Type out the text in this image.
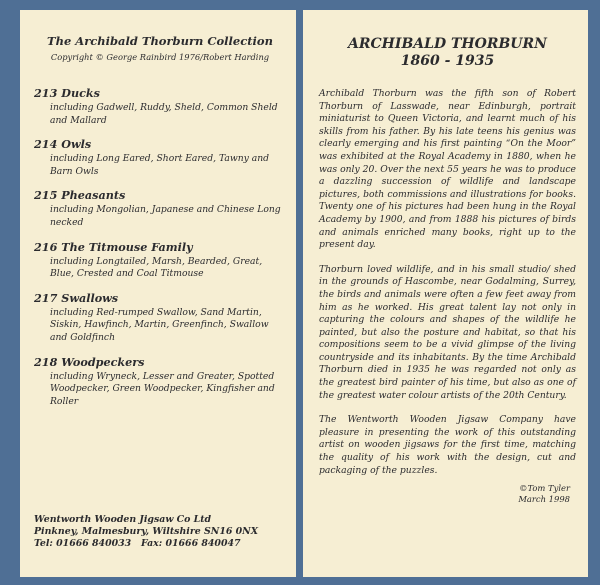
The Archibald Thorburn Collection

Copyright © George Rainbird 1976/Robert Harding

213 Ducks

including Gadwell, Ruddy, Sheld, Common Sheld and Mallard

214 Owls

including Long Eared, Short Eared, Tawny and Barn Owls

215 Pheasants

including Mongolian, Japanese and Chinese Long necked

216 The Titmouse Family

including Longtailed, Marsh, Bearded, Great, Blue, Crested and Coal Titmouse

217 Swallows

including Red-rumped Swallow, Sand Martin, Siskin, Hawfinch, Martin, Greenfinch, Swallow and Goldfinch

218 Woodpeckers

including Wryneck, Lesser and Greater, Spotted Woodpecker, Green Woodpecker, Kingfisher and Roller

Wentworth Wooden Jigsaw Co Ltd

Pinkney, Malmesbury, Wiltshire SN16 0NX

Tel: 01666 840033   Fax: 01666 840047

ARCHIBALD THORBURN

1860 - 1935

Archibald Thorburn was the fifth son of Robert Thorburn of Lasswade, near Edinburgh, portrait miniaturist to Queen Victoria, and learnt much of his skills from his father. By his late teens his genius was clearly emerging and his first painting “On the Moor” was exhibited at the Royal Academy in 1880, when he was only 20. Over the next 55 years he was to produce a dazzling succession of wildlife and landscape pictures, both commissions and illustrations for books. Twenty one of his pictures had been hung in the Royal Academy by 1900, and from 1888 his pictures of birds and animals enriched many books, right up to the present day.

Thorburn loved wildlife, and in his small studio/ shed in the grounds of Hascombe, near Godalming, Surrey, the birds and animals were often a few feet away from him as he worked. His great talent lay not only in capturing the colours and shapes of the wildlife he painted, but also the posture and habitat, so that his compositions seem to be a vivid glimpse of the living countryside and its inhabitants. By the time Archibald Thorburn died in 1935 he was regarded not only as the greatest bird painter of his time, but also as one of the greatest water colour artists of the 20th Century.

The Wentworth Wooden Jigsaw Company have pleasure in presenting the work of this outstanding artist on wooden jigsaws for the first time, matching the quality of his work with the design, cut and packaging of the puzzles.

©Tom Tyler

March 1998
